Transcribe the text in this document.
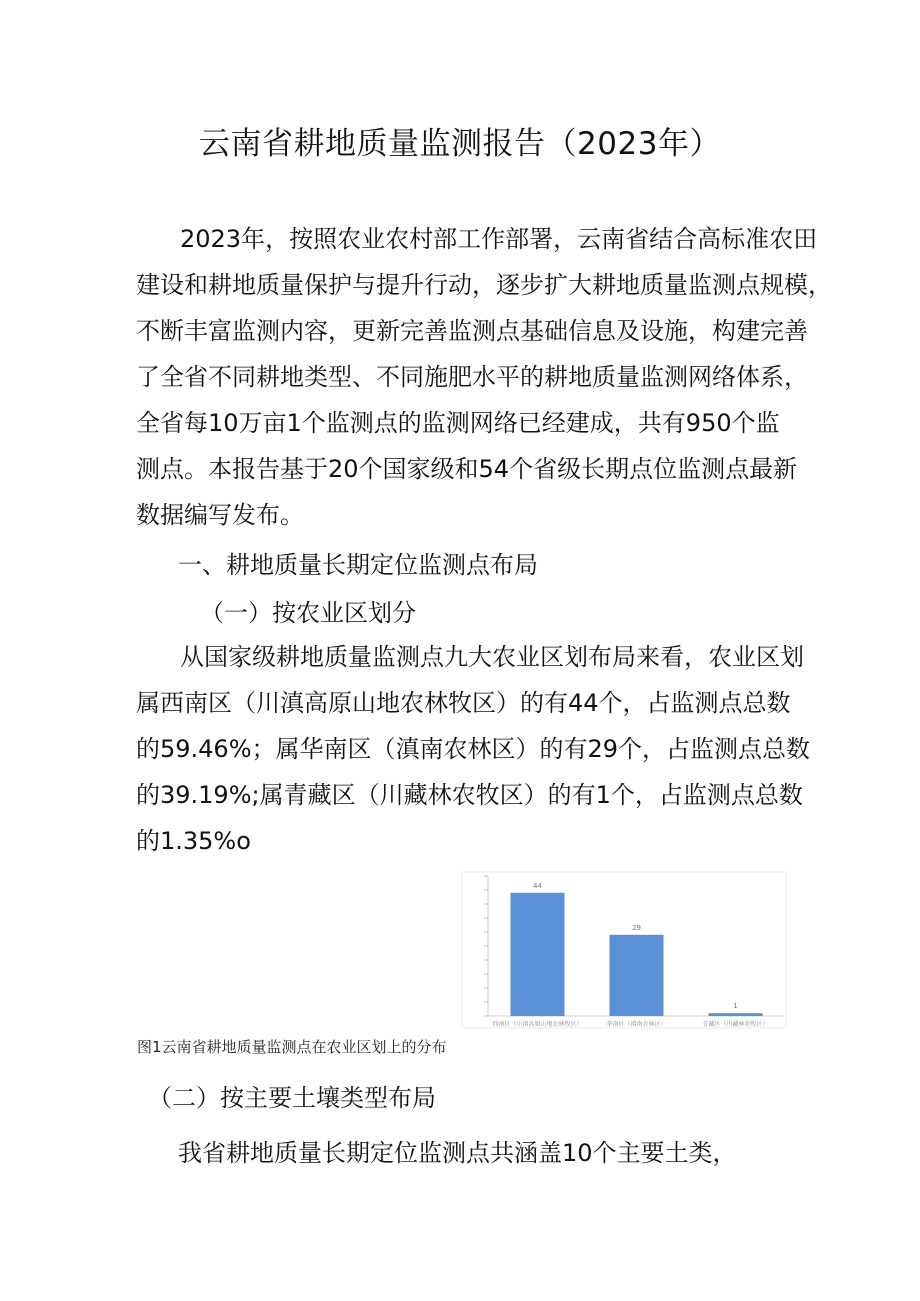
云南省耕地质量监测报告（2023年）
2023年，按照农业农村部工作部署，云南省结合高标准农田
建设和耕地质量保护与提升行动，逐步扩大耕地质量监测点规模，
不断丰富监测内容，更新完善监测点基础信息及设施，构建完善
了全省不同耕地类型、不同施肥水平的耕地质量监测网络体系，
全省每10万亩1个监测点的监测网络已经建成，共有950个监
测点。本报告基于20个国家级和54个省级长期点位监测点最新
数据编写发布。
一、耕地质量长期定位监测点布局
（一）按农业区划分
从国家级耕地质量监测点九大农业区划布局来看，农业区划
属西南区（川滇高原山地农林牧区）的有44个，占监测点总数
的59.46%；属华南区（滇南农林区）的有29个，占监测点总数
的39.19%;属青藏区（川藏林农牧区）的有1个，占监测点总数
的1.35%o
44
西南区（川滇高原山地农林牧区）
29
华南区（滇南农林区）
1
青藏区（川藏林农牧区）
图1云南省耕地质量监测点在农业区划上的分布
（二）按主要土壤类型布局
我省耕地质量长期定位监测点共涵盖10个主要土类，
